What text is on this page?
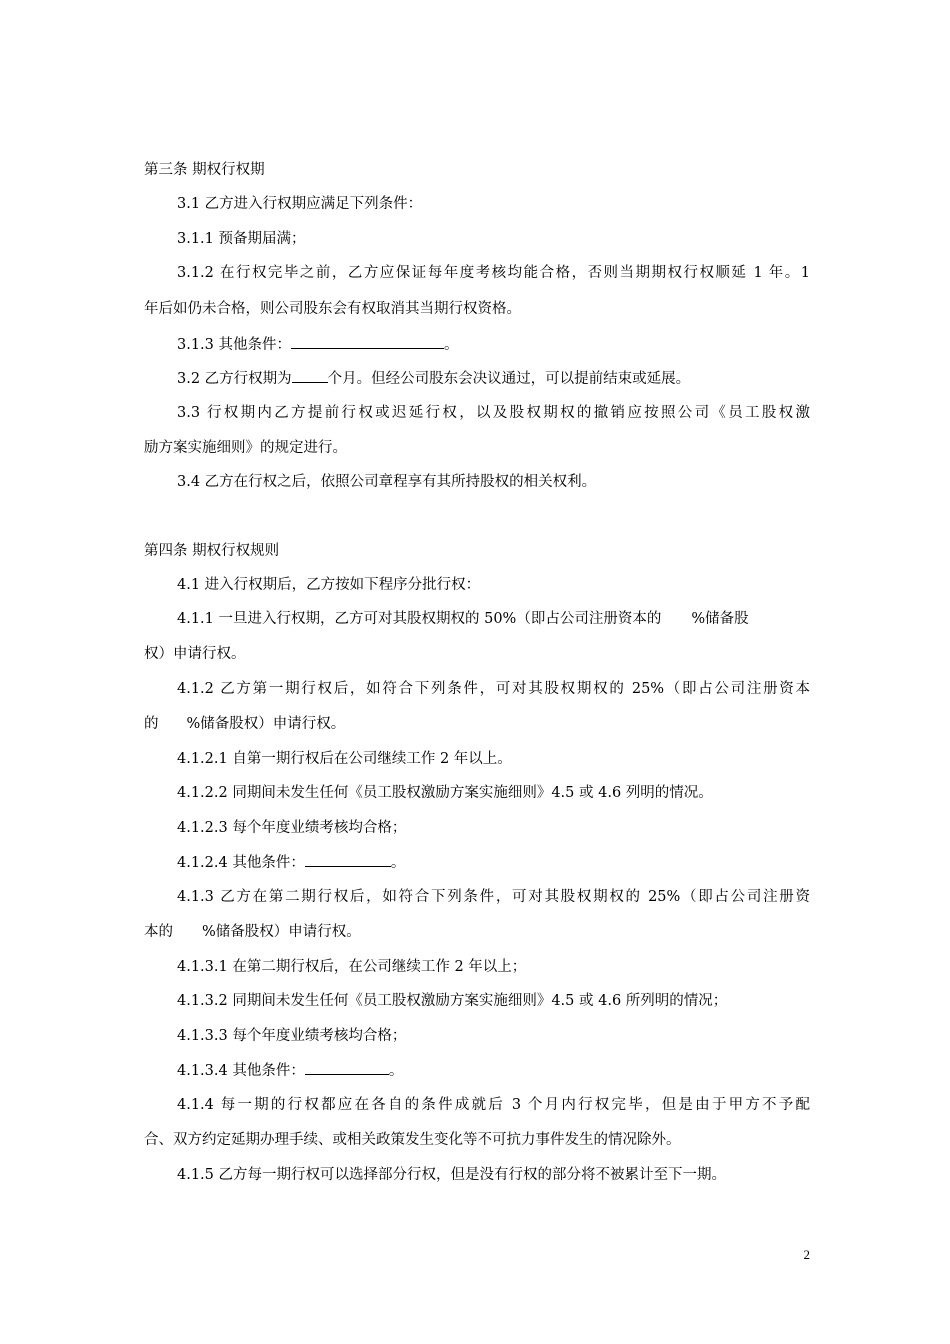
第三条 期权行权期
3.1 乙方进入行权期应满足下列条件：
3.1.1 预备期届满；
3.1.2 在行权完毕之前，乙方应保证每年度考核均能合格，否则当期期权行权顺延 1 年。1
年后如仍未合格，则公司股东会有权取消其当期行权资格。
3.1.3 其他条件：	。
3.2 乙方行权期为 个月。但经公司股东会决议通过，可以提前结束或延展。
3.3 行权期内乙方提前行权或迟延行权，以及股权期权的撤销应按照公司《员工股权激
励方案实施细则》的规定进行。
3.4 乙方在行权之后，依照公司章程享有其所持股权的相关权利。
第四条 期权行权规则
4.1 进入行权期后，乙方按如下程序分批行权：
4.1.1 一旦进入行权期，乙方可对其股权期权的 50%（即占公司注册资本的 %储备股
权）申请行权。
4.1.2 乙方第一期行权后，如符合下列条件，可对其股权期权的 25%（即占公司注册资本
的 %储备股权）申请行权。
4.1.2.1 自第一期行权后在公司继续工作 2 年以上。
4.1.2.2 同期间未发生任何《员工股权激励方案实施细则》4.5 或 4.6 列明的情况。
4.1.2.3 每个年度业绩考核均合格；
4.1.2.4 其他条件：	。
4.1.3 乙方在第二期行权后，如符合下列条件，可对其股权期权的 25%（即占公司注册资
本的 %储备股权）申请行权。
4.1.3.1 在第二期行权后，在公司继续工作 2 年以上；
4.1.3.2 同期间未发生任何《员工股权激励方案实施细则》4.5 或 4.6 所列明的情况；
4.1.3.3 每个年度业绩考核均合格；
4.1.3.4 其他条件：	。
4.1.4 每一期的行权都应在各自的条件成就后 3 个月内行权完毕，但是由于甲方不予配
合、双方约定延期办理手续、或相关政策发生变化等不可抗力事件发生的情况除外。
4.1.5 乙方每一期行权可以选择部分行权，但是没有行权的部分将不被累计至下一期。
2
